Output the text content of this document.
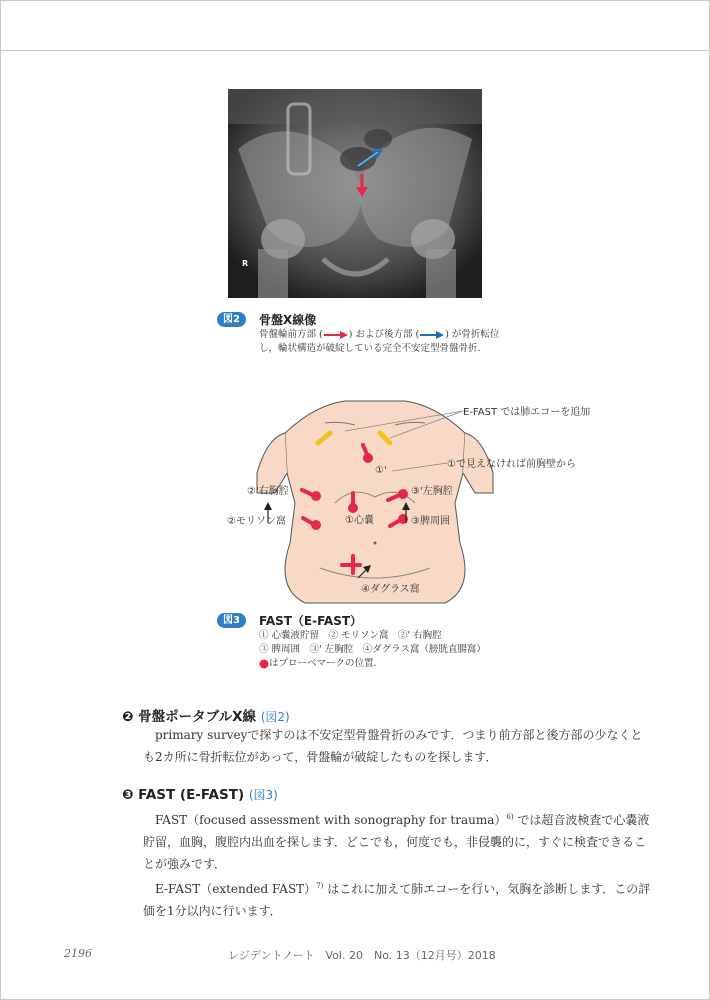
R
図2	骨盤X線像
骨盤輪前方部 (	) および後方部 (	) が骨折転位
し，輪状構造が破綻している完全不安定型骨盤骨折．
E-FAST では肺エコーを追加
①で見えなければ前胸壁から
①'
②'右胸腔
②モリソン窩	①心嚢
③'左胸腔
③脾周囲
④ダグラス窩
図3	FAST（E-FAST）
① 心嚢液貯留　② モリソン窩　②' 右胸腔
③ 脾周囲　③' 左胸腔　④ダグラス窩（膀胱直腸窩）
はプローベマークの位置．
❷ 骨盤ポータブルX線 (図2)

primary surveyで探すのは不安定型骨盤骨折のみです．つまり前方部と後方部の少なくとも2カ所に骨折転位があって，骨盤輪が破綻したものを探します．

❸ FAST (E-FAST) (図3)

FAST（focused assessment with sonography for trauma）$^{6)}$ では超音波検査で心嚢液貯留，血胸，腹腔内出血を探します．どこでも，何度でも，非侵襲的に，すぐに検査できることが強みです．

E-FAST（extended FAST）$^{7)}$ はこれに加えて肺エコーを行い，気胸を診断します．この評価を1分以内に行います．

2196	レジデントノート　Vol. 20　No. 13（12月号）2018
